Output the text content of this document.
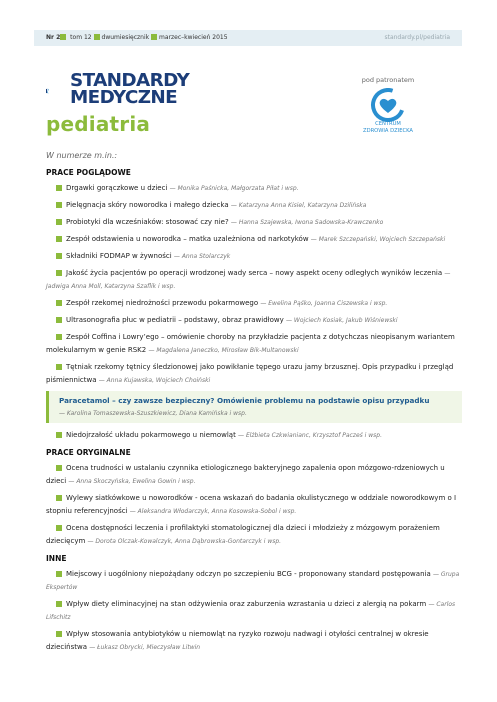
Nr 2 tom 12 dwumiesięcznik marzec–kwiecień 2015	standardy.pl/pediatria
STANDARDY
MEDYCZNE
pediatria
pod patronatem
CENTRUM
ZDROWIA DZIECKA
W numerze m.in.:
PRACE POGLĄDOWE
Drgawki gorączkowe u dzieci — Monika Paśnicka, Małgorzata Piłat i wsp.
Pielęgnacja skóry noworodka i małego dziecka — Katarzyna Anna Kisiel, Katarzyna Dzilińska
Probiotyki dla wcześniaków: stosować czy nie? — Hanna Szajewska, Iwona Sadowska-Krawczenko
Zespół odstawienia u noworodka – matka uzależniona od narkotyków — Marek Szczepański, Wojciech Szczepański
Składniki FODMAP w żywności — Anna Stolarczyk
Jakość życia pacjentów po operacji wrodzonej wady serca – nowy aspekt oceny odległych wyników leczenia — Jadwiga Anna Moll, Katarzyna Szaflik i wsp.
Zespół rzekomej niedrożności przewodu pokarmowego — Ewelina Pąśko, Joanna Ciszewska i wsp.
Ultrasonografia płuc w pediatrii – podstawy, obraz prawidłowy — Wojciech Kosiak, Jakub Wiśniewski
Zespół Coffina i Lowry’ego – omówienie choroby na przykładzie pacjenta z dotychczas nieopisanym wariantem molekularnym w genie RSK2 — Magdalena Janeczko, Mirosław Bik-Multanowski
Tętniak rzekomy tętnicy śledzionowej jako powikłanie tępego urazu jamy brzusznej. Opis przypadku i przegląd piśmiennictwa — Anna Kujawska, Wojciech Choiński
Paracetamol – czy zawsze bezpieczny? Omówienie problemu na podstawie opisu przypadku
— Karolina Tomaszewska-Szuszkiewicz, Diana Kamińska i wsp.
Niedojrzałość układu pokarmowego u niemowląt — Elżbieta Czkwianianc, Krzysztof Pacześ i wsp.
PRACE ORYGINALNE
Ocena trudności w ustalaniu czynnika etiologicznego bakteryjnego zapalenia opon mózgowo-rdzeniowych u dzieci — Anna Skoczyńska, Ewelina Gowin i wsp.
Wylewy siatkówkowe u noworodków - ocena wskazań do badania okulistycznego w oddziale noworodkowym o I stopniu referencyjności — Aleksandra Włodarczyk, Anna Kosowska-Sobol i wsp.
Ocena dostępności leczenia i profilaktyki stomatologicznej dla dzieci i młodzieży z mózgowym porażeniem dziecięcym — Dorota Olczak-Kowalczyk, Anna Dąbrowska-Gontarczyk i wsp.
INNE
Miejscowy i uogólniony niepożądany odczyn po szczepieniu BCG - proponowany standard postępowania — Grupa Ekspertów
Wpływ diety eliminacyjnej na stan odżywienia oraz zaburzenia wzrastania u dzieci z alergią na pokarm — Carlos Lifschitz
Wpływ stosowania antybiotyków u niemowląt na ryzyko rozwoju nadwagi i otyłości centralnej w okresie dzieciństwa — Łukasz Obrycki, Mieczysław Litwin
